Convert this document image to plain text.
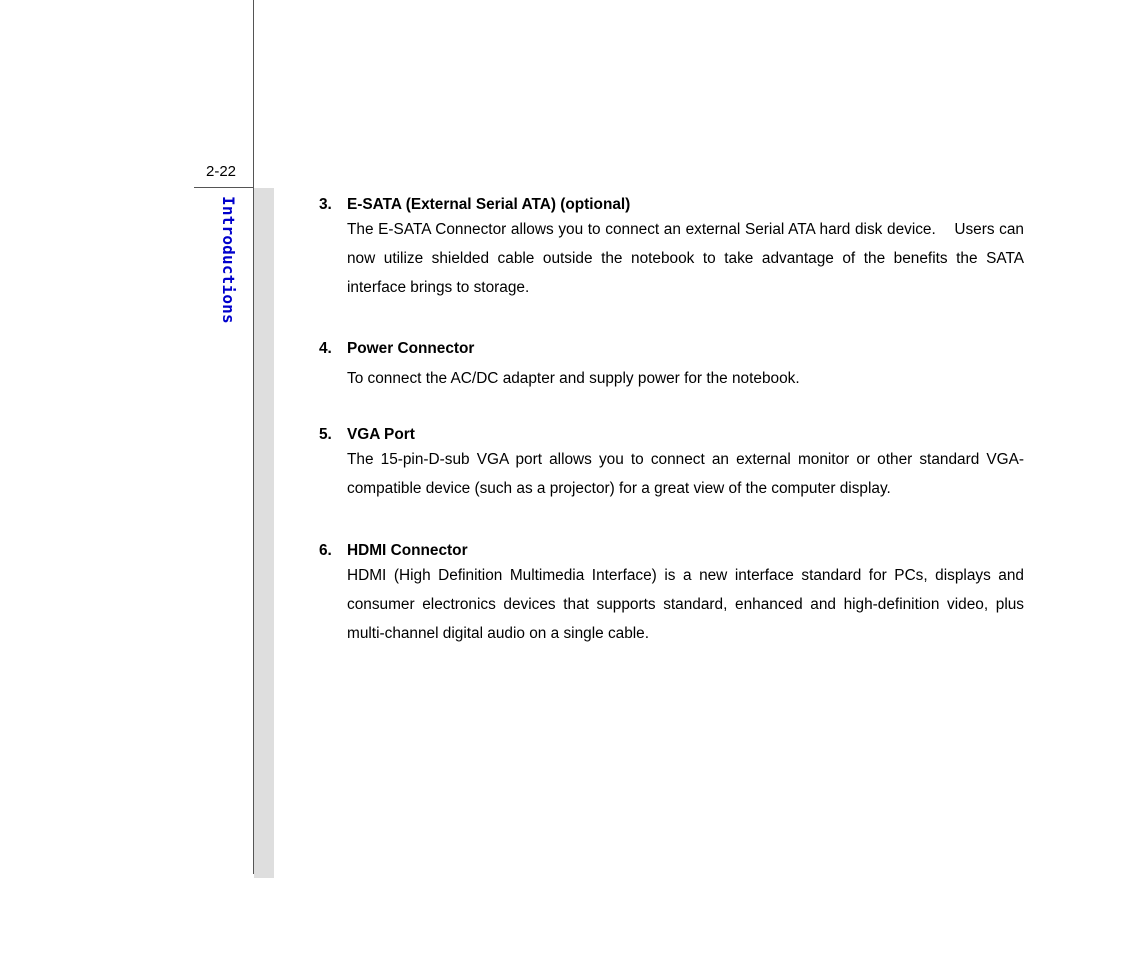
2-22
Introductions	3. E-SATA (External Serial ATA) (optional)
The E-SATA Connector allows you to connect an external Serial ATA hard disk device.    Users can now utilize shielded cable outside the notebook to take advantage of the benefits the SATA interface brings to storage.
4. Power Connector
To connect the AC/DC adapter and supply power for the notebook.
5. VGA Port
The 15-pin-D-sub VGA port allows you to connect an external monitor or other standard VGA-compatible device (such as a projector) for a great view of the computer display.
6. HDMI Connector
HDMI (High Definition Multimedia Interface) is a new interface standard for PCs, displays and consumer electronics devices that supports standard, enhanced and high-definition video, plus multi-channel digital audio on a single cable.
